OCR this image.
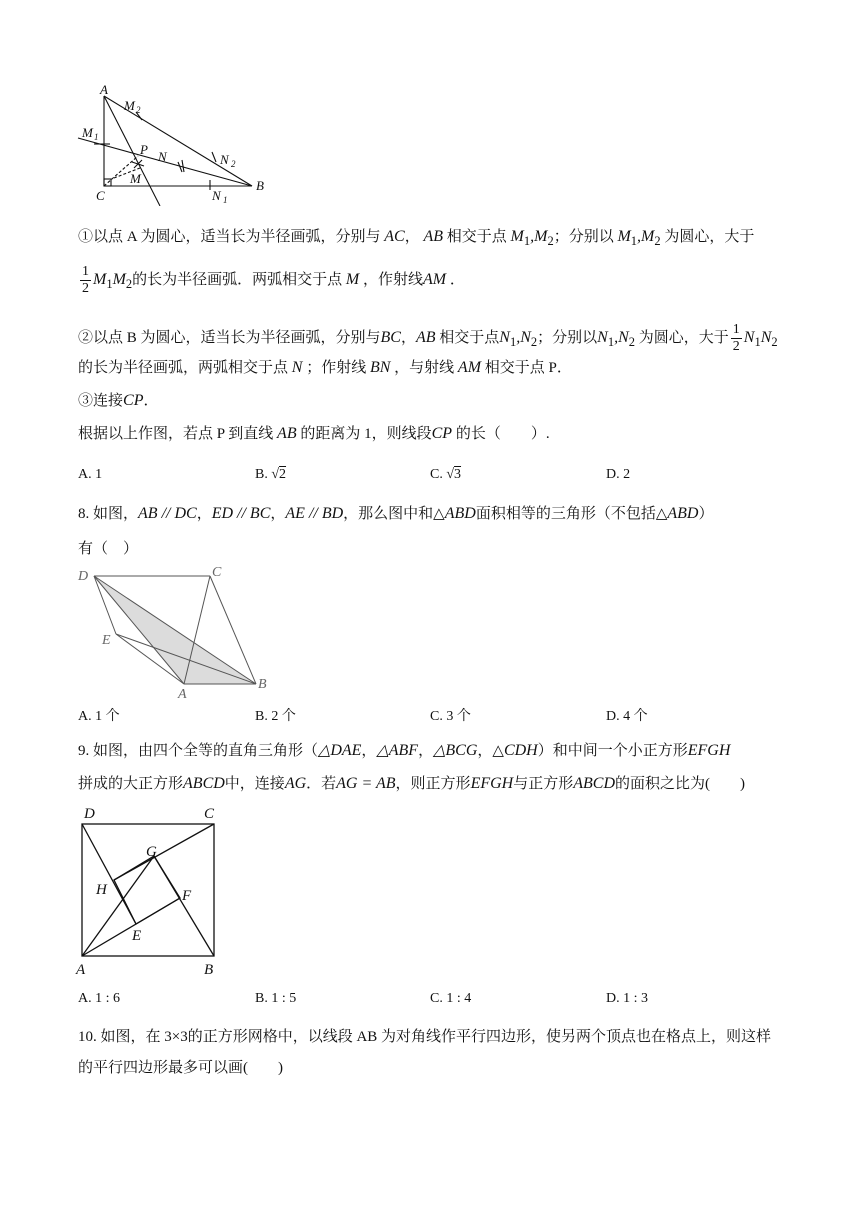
A
B
C
P
M
N
M 1
M 2
N 1
N 2
①以点 A 为圆心，适当长为半径画弧，分别与 AC， AB 相交于点 $M_1,M_2$；分别以 $M_1,M_2$ 为圆心，大于
$\frac{1}{2} M_1M_2$的长为半径画弧．两弧相交于点 M ，作射线AM ．
②以点 B 为圆心，适当长为半径画弧，分别与BC，AB 相交于点$N_1,N_2$；分别以$N_1,N_2$ 为圆心，大于 $\frac{1}{2} N_1N_2$
的长为半径画弧，两弧相交于点 N ；作射线 BN ，与射线 AM 相交于点 P．
③连接CP．
根据以上作图，若点 P 到直线 AB 的距离为 1，则线段CP 的长（　　）.
A. 1	B. √2	C. √3	D. 2
8. 如图，AB // DC，ED // BC，AE // BD，那么图中和△ABD面积相等的三角形（不包括△ABD）
有（　）
D	C
E
A
B
A. 1 个	B. 2 个	C. 3 个	D. 4 个
9. 如图，由四个全等的直角三角形（△DAE，△ABF，△BCG，△CDH）和中间一个小正方形EFGH
拼成的大正方形ABCD中，连接AG．若AG = AB，则正方形EFGH与正方形ABCD的面积之比为(　　)
D	C
A	B
G
H	F
E
A. 1 : 6	B. 1 : 5	C. 1 : 4	D. 1 : 3
10. 如图，在 3×3的正方形网格中，以线段 AB 为对角线作平行四边形，使另两个顶点也在格点上，则这样
的平行四边形最多可以画(　　)
